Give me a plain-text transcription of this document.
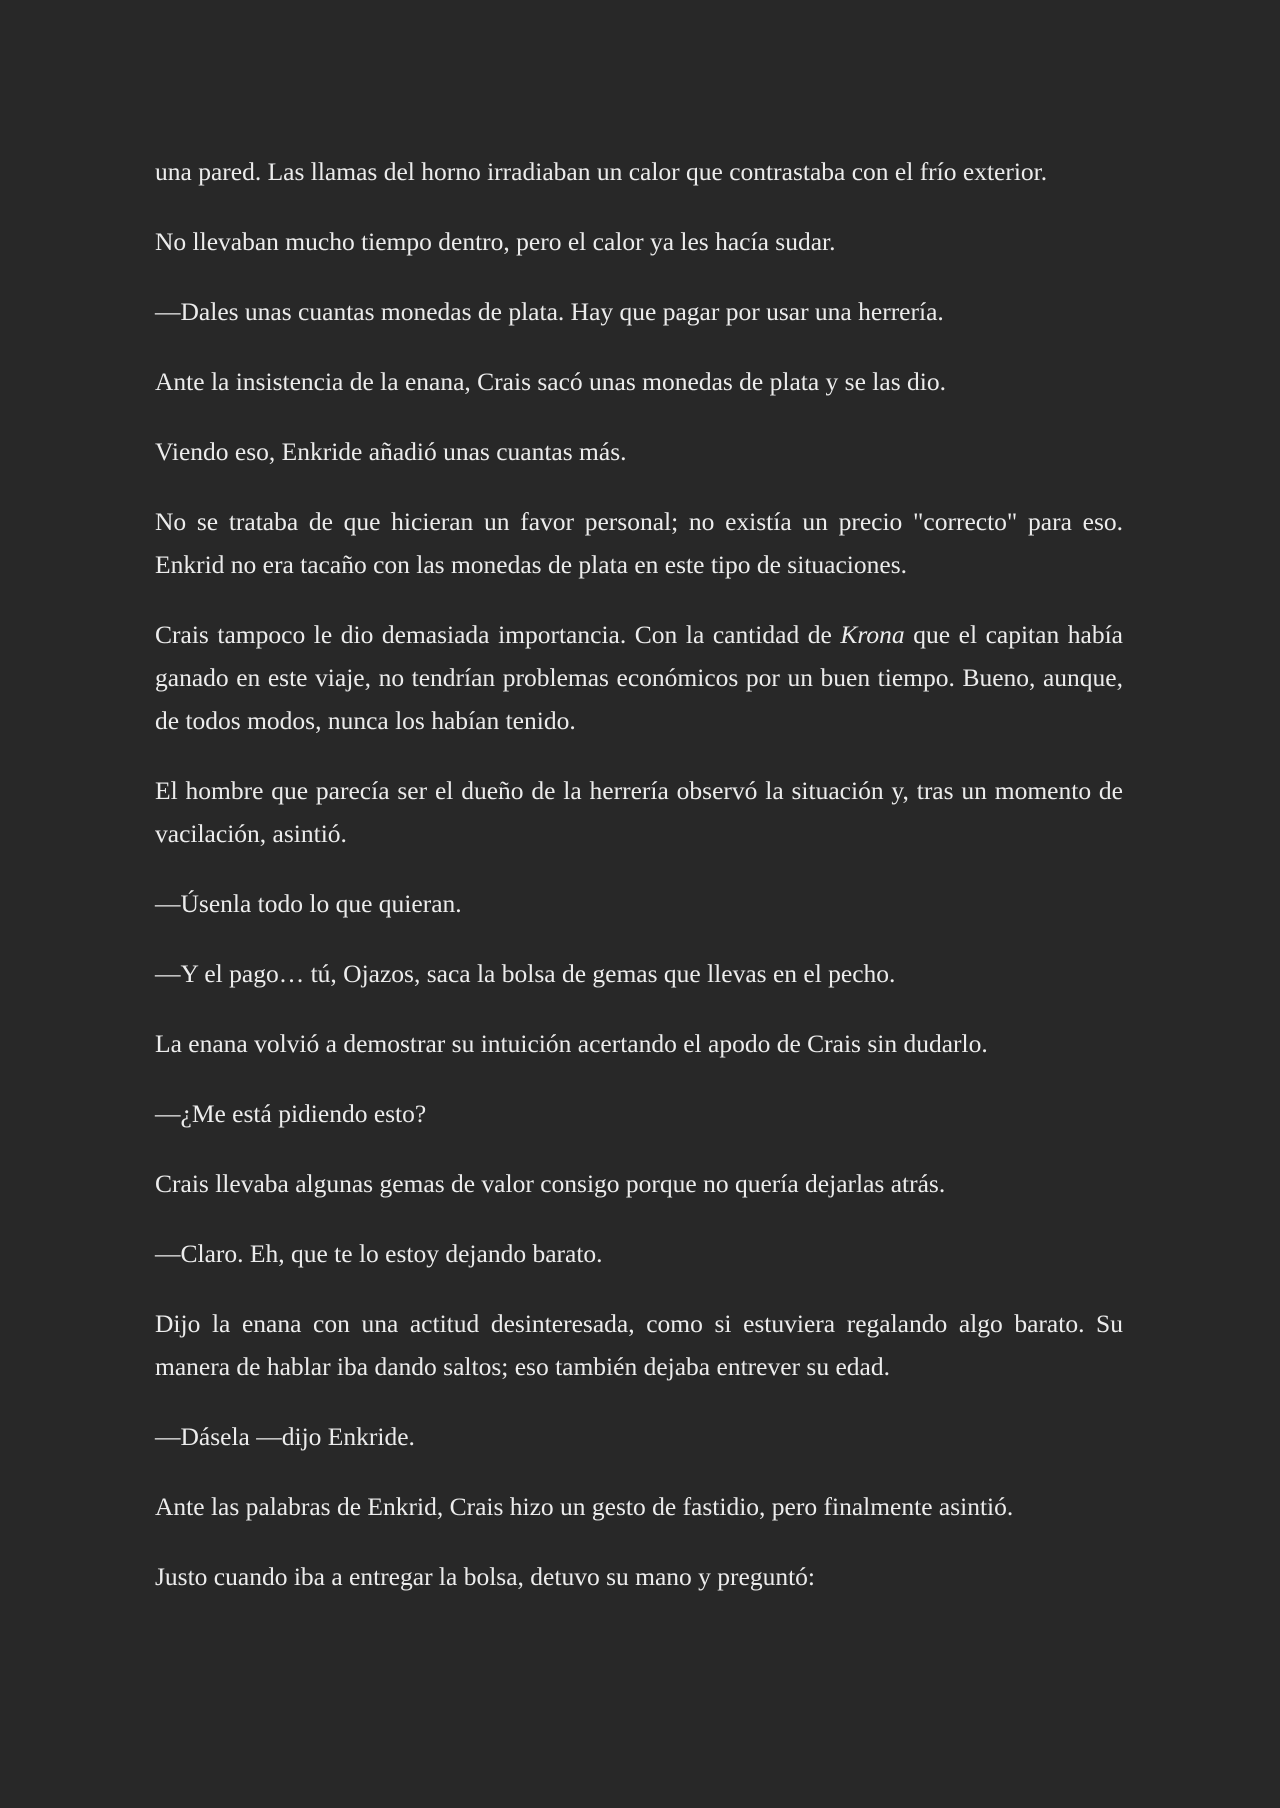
una pared. Las llamas del horno irradiaban un calor que contrastaba con el frío exterior.

No llevaban mucho tiempo dentro, pero el calor ya les hacía sudar.

—Dales unas cuantas monedas de plata. Hay que pagar por usar una herrería.

Ante la insistencia de la enana, Crais sacó unas monedas de plata y se las dio.

Viendo eso, Enkride añadió unas cuantas más.

No se trataba de que hicieran un favor personal; no existía un precio "correcto" para eso. Enkrid no era tacaño con las monedas de plata en este tipo de situaciones.

Crais tampoco le dio demasiada importancia. Con la cantidad de Krona que el capitan había ganado en este viaje, no tendrían problemas económicos por un buen tiempo. Bueno, aunque, de todos modos, nunca los habían tenido.

El hombre que parecía ser el dueño de la herrería observó la situación y, tras un momento de vacilación, asintió.

—Úsenla todo lo que quieran.

—Y el pago… tú, Ojazos, saca la bolsa de gemas que llevas en el pecho.

La enana volvió a demostrar su intuición acertando el apodo de Crais sin dudarlo.

—¿Me está pidiendo esto?

Crais llevaba algunas gemas de valor consigo porque no quería dejarlas atrás.

—Claro. Eh, que te lo estoy dejando barato.

Dijo la enana con una actitud desinteresada, como si estuviera regalando algo barato. Su manera de hablar iba dando saltos; eso también dejaba entrever su edad.

—Dásela —dijo Enkride.

Ante las palabras de Enkrid, Crais hizo un gesto de fastidio, pero finalmente asintió.

Justo cuando iba a entregar la bolsa, detuvo su mano y preguntó:
